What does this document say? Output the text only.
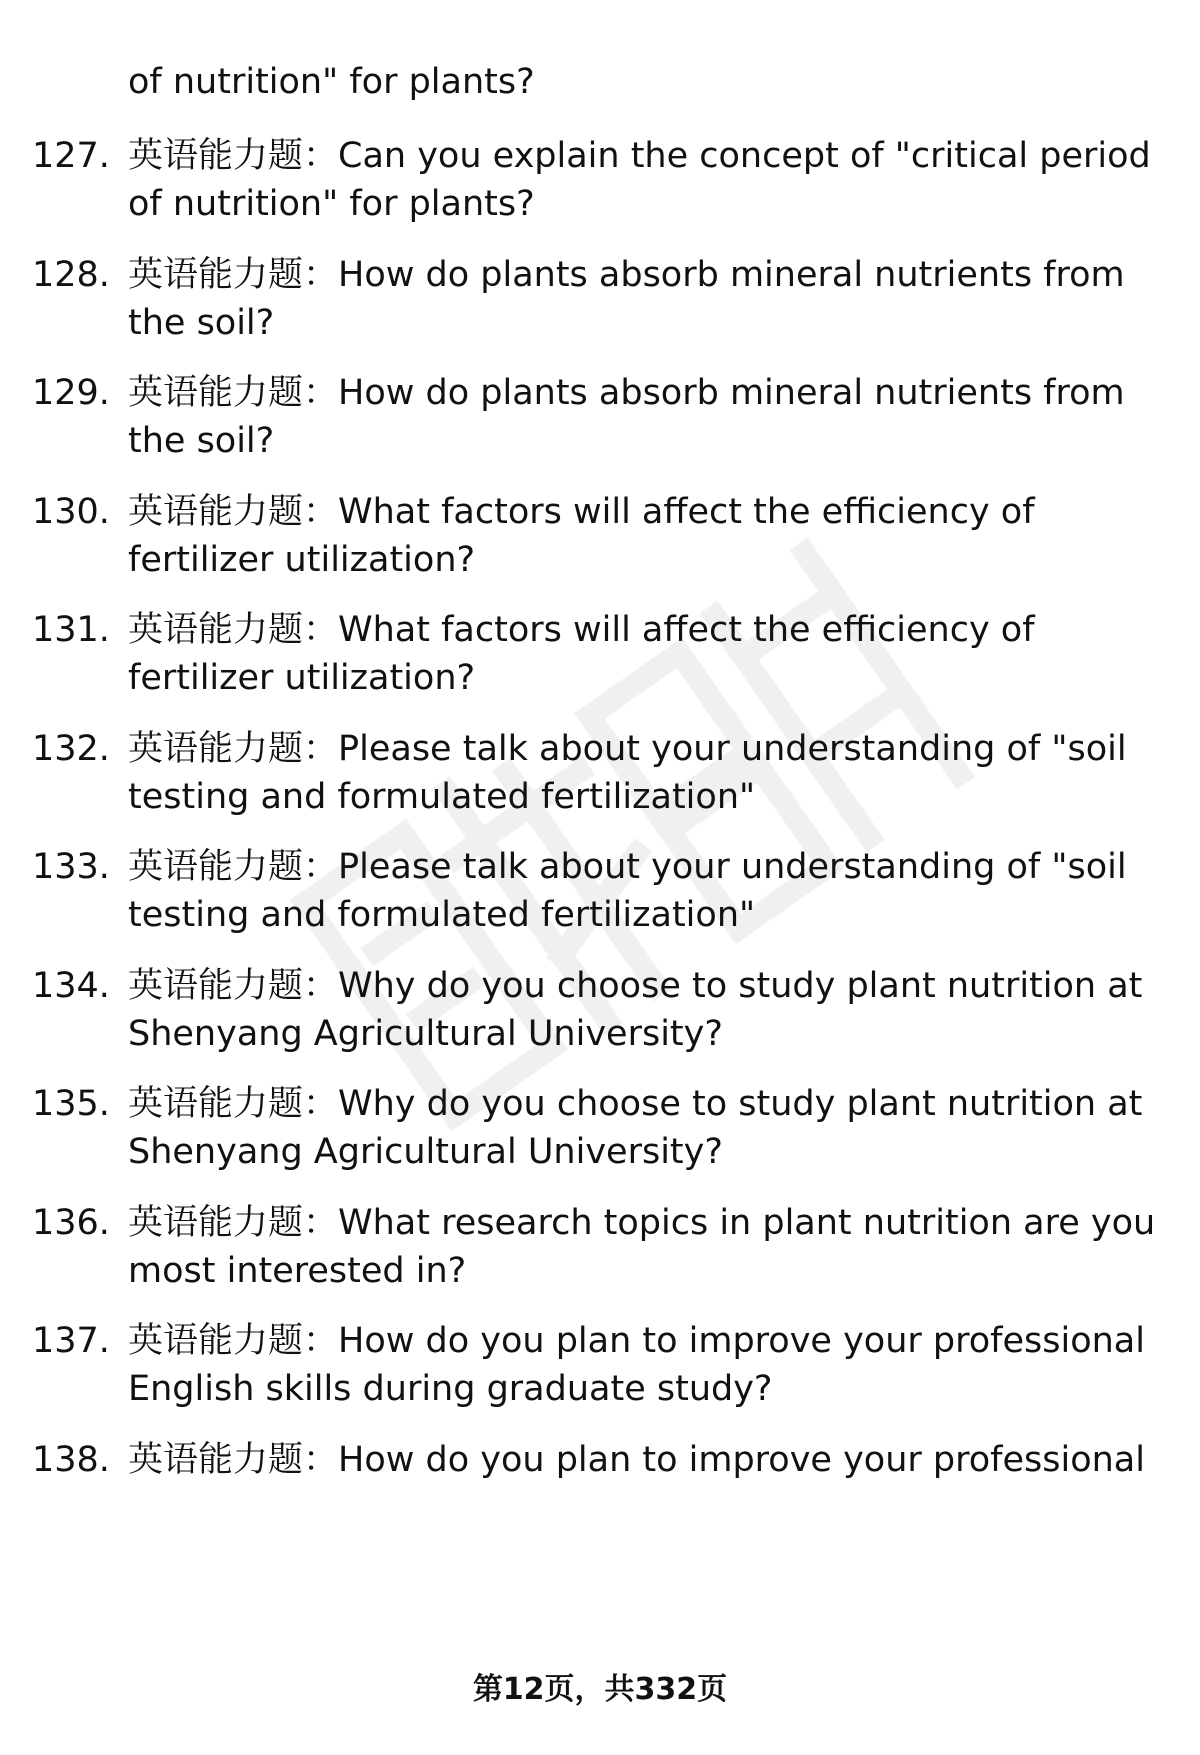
of nutrition" for plants?
127. 英语能力题：Can you explain the concept of "critical period
of nutrition" for plants?
128. 英语能力题：How do plants absorb mineral nutrients from
the soil?
129. 英语能力题：How do plants absorb mineral nutrients from
the soil?
130. 英语能力题：What factors will affect the efficiency of
fertilizer utilization?
131. 英语能力题：What factors will affect the efficiency of
fertilizer utilization?
132. 英语能力题：Please talk about your understanding of "soil
testing and formulated fertilization"
133. 英语能力题：Please talk about your understanding of "soil
testing and formulated fertilization"
134. 英语能力题：Why do you choose to study plant nutrition at
Shenyang Agricultural University?
135. 英语能力题：Why do you choose to study plant nutrition at
Shenyang Agricultural University?
136. 英语能力题：What research topics in plant nutrition are you
most interested in?
137. 英语能力题：How do you plan to improve your professional
English skills during graduate study?
138. 英语能力题：How do you plan to improve your professional
第12页，共332页
